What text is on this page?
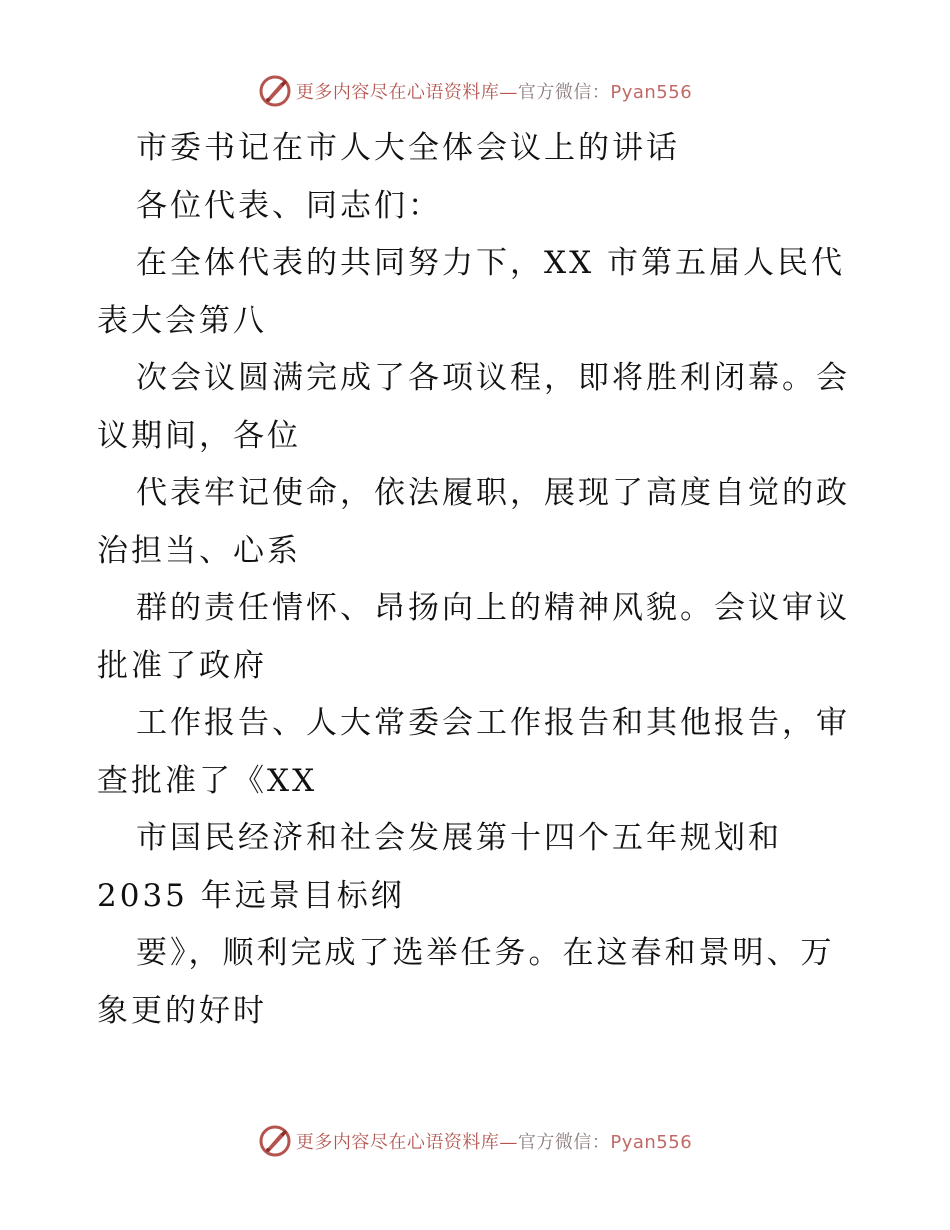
更多内容尽在心语资料库—官方微信：Pyan556
市委书记在市人大全体会议上的讲话
各位代表、同志们：
在全体代表的共同努力下，XX 市第五届人民代
表大会第八
次会议圆满完成了各项议程，即将胜利闭幕。会
议期间，各位
代表牢记使命，依法履职，展现了高度自觉的政
治担当、心系
群的责任情怀、昂扬向上的精神风貌。会议审议
批准了政府
工作报告、人大常委会工作报告和其他报告，审
查批准了《XX
市国民经济和社会发展第十四个五年规划和
2035 年远景目标纲
要》，顺利完成了选举任务。在这春和景明、万
象更的好时
更多内容尽在心语资料库—官方微信：Pyan556
